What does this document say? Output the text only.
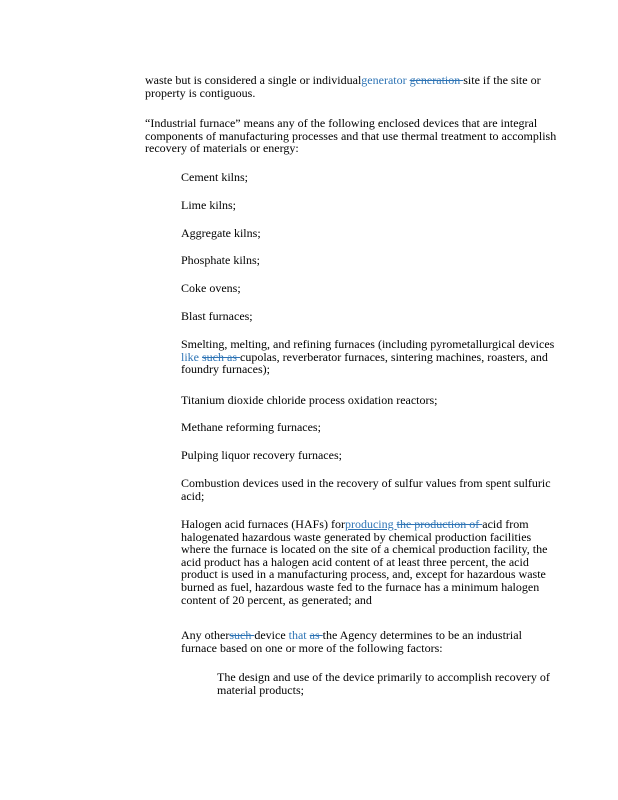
waste but is considered a single or individualgenerator generation site if the site or property is contiguous.

“Industrial furnace” means any of the following enclosed devices that are integral components of manufacturing processes and that use thermal treatment to accomplish recovery of materials or energy:

Cement kilns;

Lime kilns;

Aggregate kilns;

Phosphate kilns;

Coke ovens;

Blast furnaces;

Smelting, melting, and refining furnaces (including pyrometallurgical devices like such as cupolas, reverberator furnaces, sintering machines, roasters, and foundry furnaces);

Titanium dioxide chloride process oxidation reactors;

Methane reforming furnaces;

Pulping liquor recovery furnaces;

Combustion devices used in the recovery of sulfur values from spent sulfuric acid;

Halogen acid furnaces (HAFs) forproducing the production of acid from halogenated hazardous waste generated by chemical production facilities where the furnace is located on the site of a chemical production facility, the acid product has a halogen acid content of at least three percent, the acid product is used in a manufacturing process, and, except for hazardous waste burned as fuel, hazardous waste fed to the furnace has a minimum halogen content of 20 percent, as generated; and

Any othersuch device that as the Agency determines to be an industrial furnace based on one or more of the following factors:

The design and use of the device primarily to accomplish recovery of material products;
